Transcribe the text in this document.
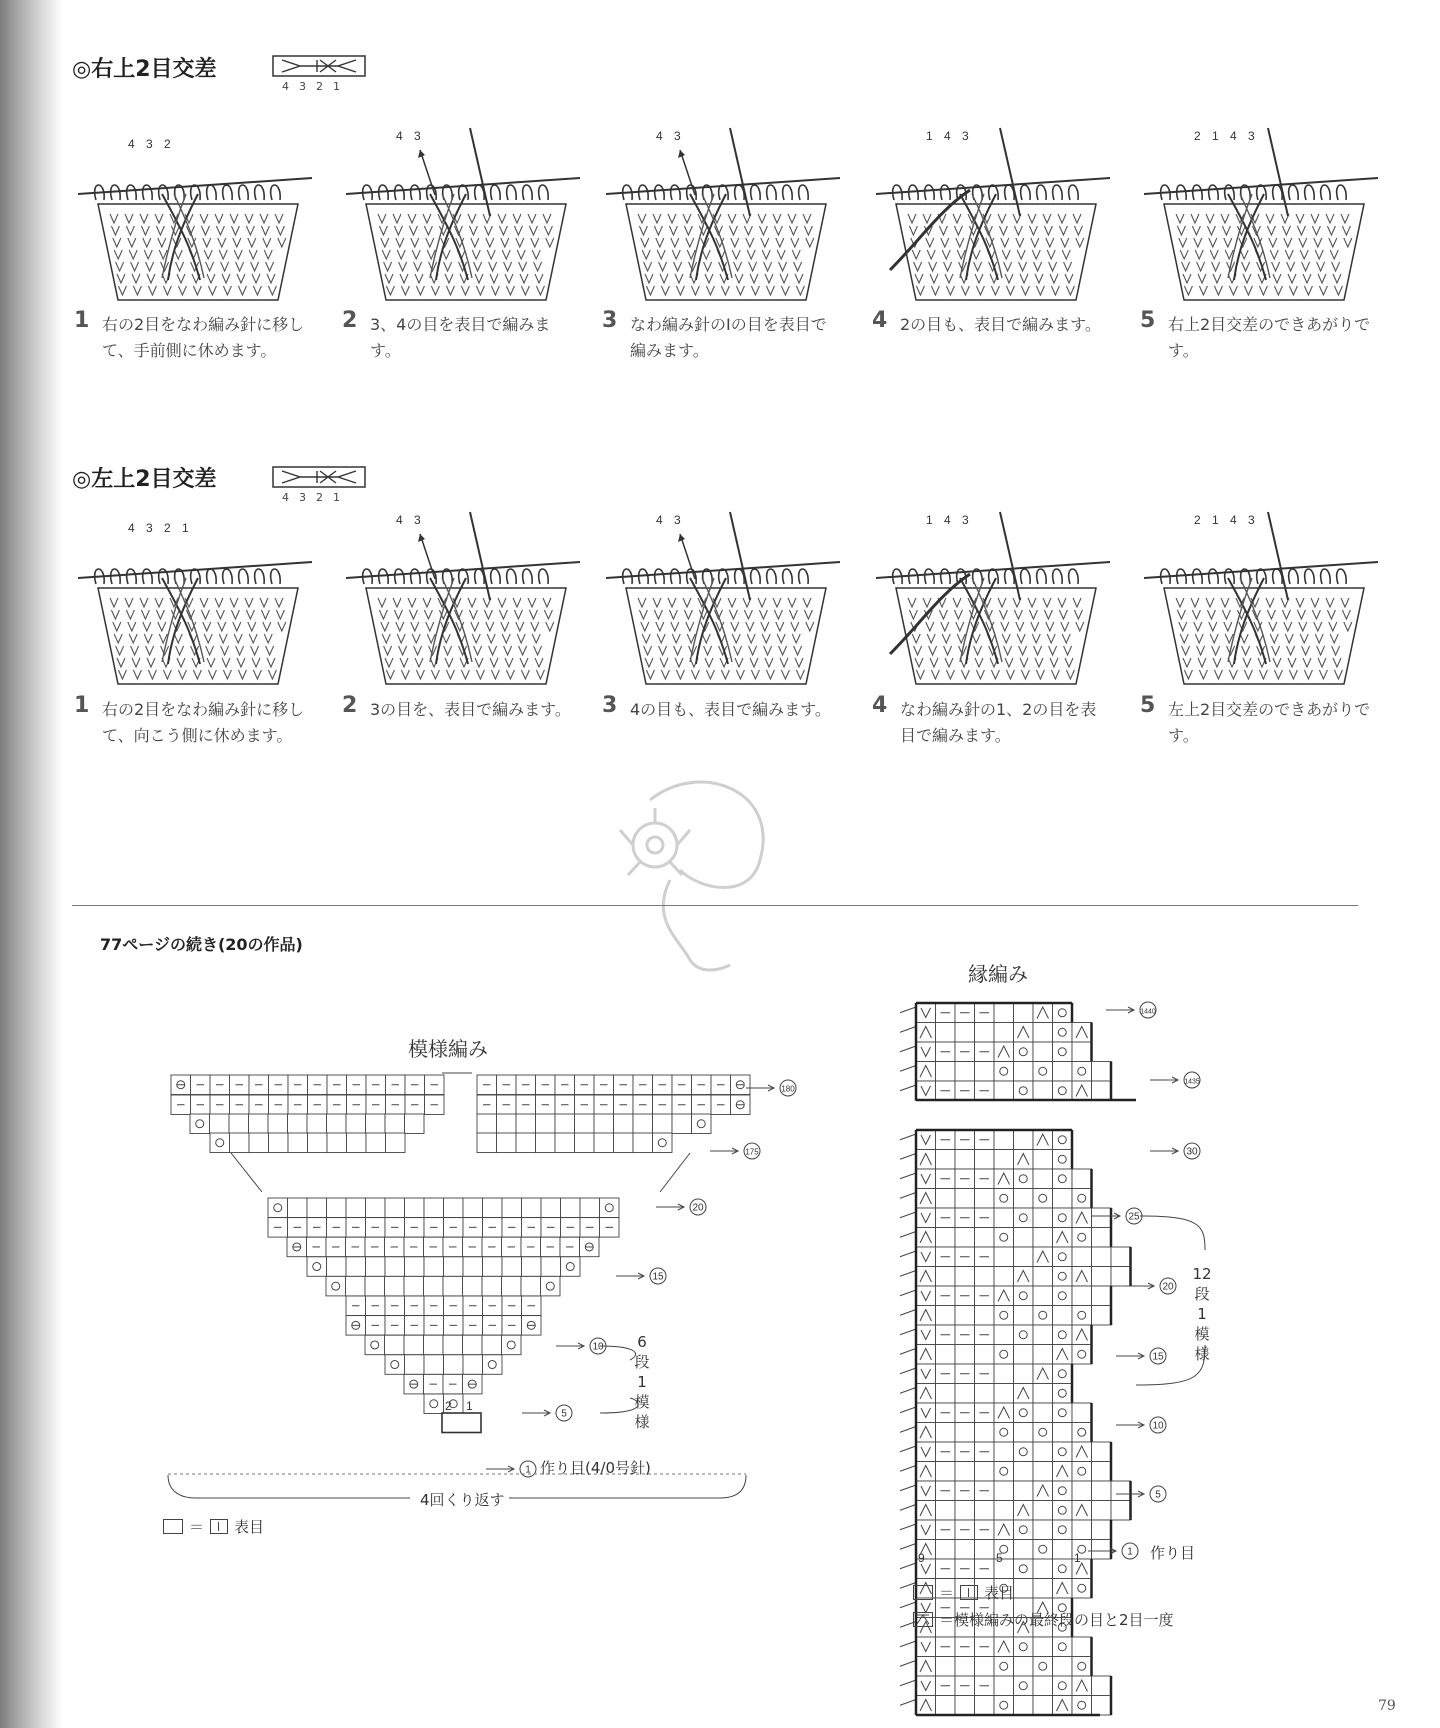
◎右上2目交差
4321
4 3 2
4 3	4 3	1 4 3	2 1 4 3
1 右の2目をなわ編み針に移して、手前側に休めます。
2 3、4の目を表目で編みます。
3 なわ編み針のIの目を表目で編みます。
4 2の目も、表目で編みます。 5 右上2目交差のできあがりです。
◎左上2目交差
4321
4 3 2 1
4 3	4 3	1 4 3	2 1 4 3
1 右の2目をなわ編み針に移して、向こう側に休めます。
2 3の目を、表目で編みます。 3 4の目も、表目で編みます。 4 なわ編み針の1、2の目を表目で編みます。
5 左上2目交差のできあがりです。
77ページの続き(20の作品)
模様編み
180
175
20
15
10
5
1
2 1
6段1模様
作り目(4/0号針)
4回くり返す
＝ 表目
縁編み
1440
1435
30
25
20
15
10
5
1
9	5	1
12段1模様
作り目
＝ 表目
＝模様編みの最終段の目と2目一度
79
